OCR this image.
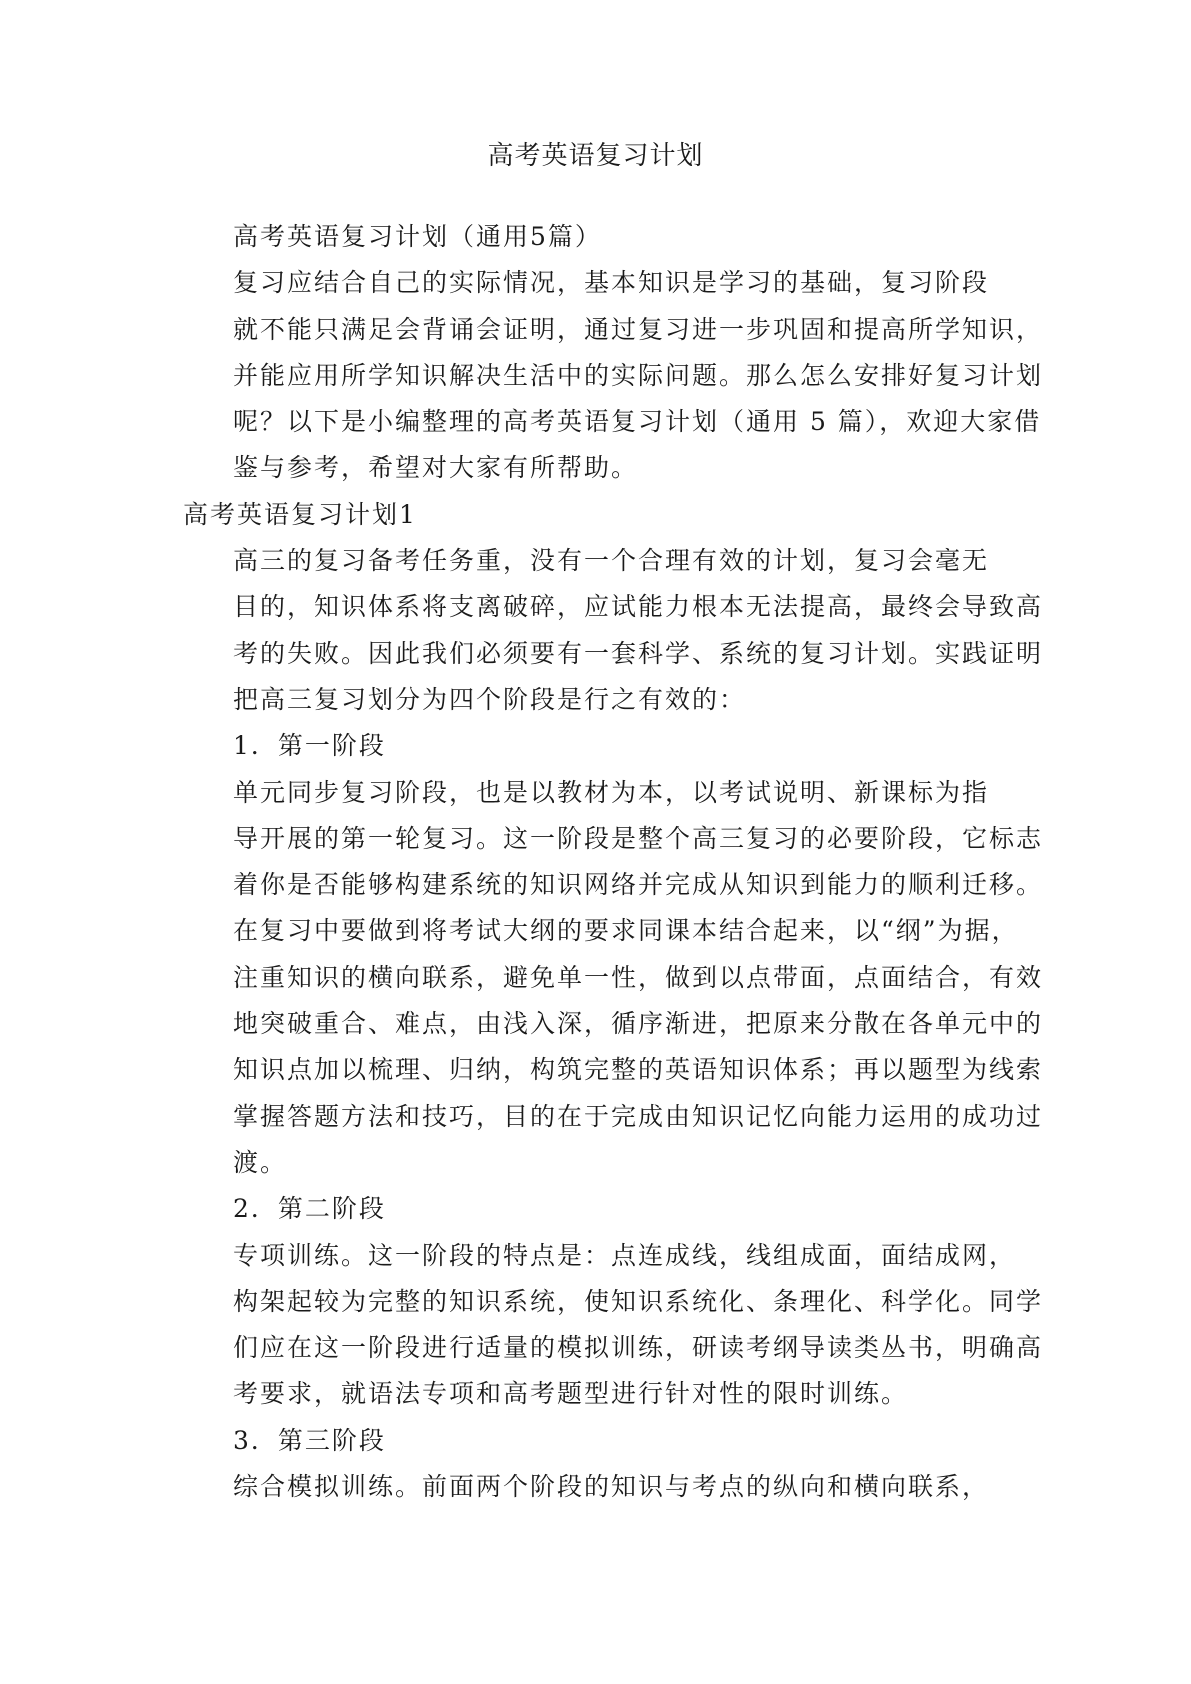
高考英语复习计划

高考英语复习计划（通用5篇）

复习应结合自己的实际情况，基本知识是学习的基础，复习阶段
就不能只满足会背诵会证明，通过复习进一步巩固和提高所学知识，
并能应用所学知识解决生活中的实际问题。那么怎么安排好复习计划
呢？以下是小编整理的高考英语复习计划（通用 5 篇），欢迎大家借
鉴与参考，希望对大家有所帮助。

高考英语复习计划1

高三的复习备考任务重，没有一个合理有效的计划，复习会毫无
目的，知识体系将支离破碎，应试能力根本无法提高，最终会导致高
考的失败。因此我们必须要有一套科学、系统的复习计划。实践证明
把高三复习划分为四个阶段是行之有效的：

1．第一阶段

单元同步复习阶段，也是以教材为本，以考试说明、新课标为指
导开展的第一轮复习。这一阶段是整个高三复习的必要阶段，它标志
着你是否能够构建系统的知识网络并完成从知识到能力的顺利迁移。
在复习中要做到将考试大纲的要求同课本结合起来，以“纲”为据，
注重知识的横向联系，避免单一性，做到以点带面，点面结合，有效
地突破重合、难点，由浅入深，循序渐进，把原来分散在各单元中的
知识点加以梳理、归纳，构筑完整的英语知识体系；再以题型为线索
掌握答题方法和技巧，目的在于完成由知识记忆向能力运用的成功过
渡。

2．第二阶段

专项训练。这一阶段的特点是：点连成线，线组成面，面结成网，
构架起较为完整的知识系统，使知识系统化、条理化、科学化。同学
们应在这一阶段进行适量的模拟训练，研读考纲导读类丛书，明确高
考要求，就语法专项和高考题型进行针对性的限时训练。

3．第三阶段

综合模拟训练。前面两个阶段的知识与考点的纵向和横向联系，
